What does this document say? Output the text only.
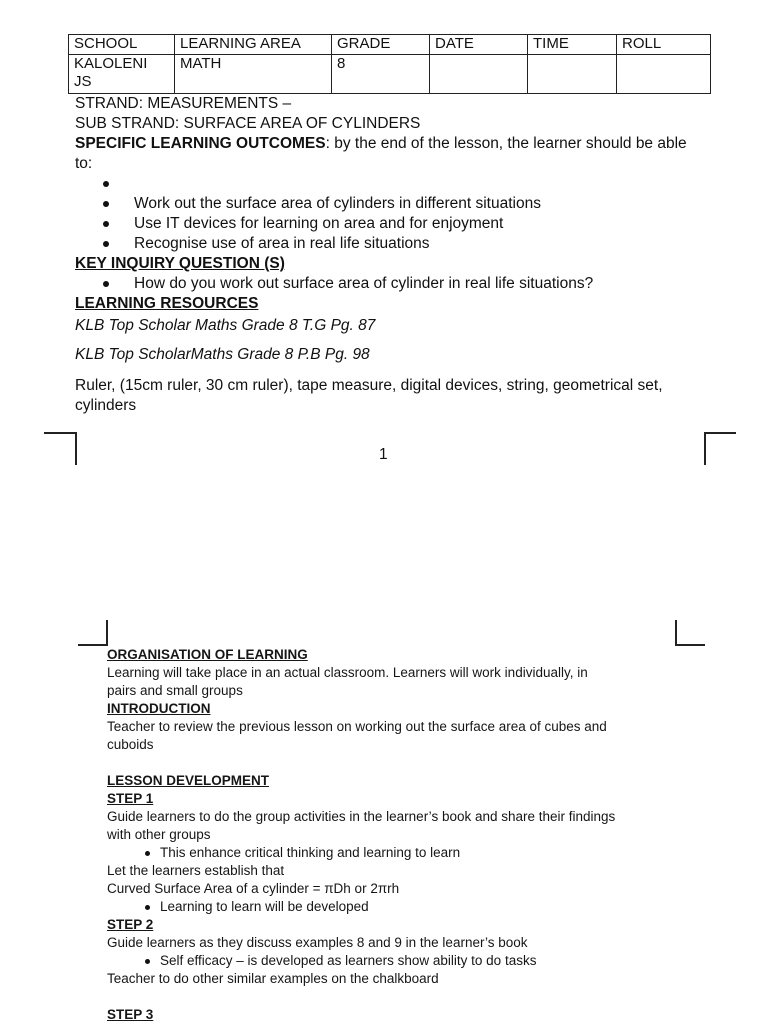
SCHOOL	LEARNING AREA	GRADE	DATE	TIME	ROLL
KALOLENI JS	MATH	8			
STRAND: MEASUREMENTS –
SUB STRAND: SURFACE AREA OF CYLINDERS
SPECIFIC LEARNING OUTCOMES: by the end of the lesson, the learner should be able
to:
Work out the surface area of cylinders in different situations
Use IT devices for learning on area and for enjoyment
Recognise use of area in real life situations
KEY INQUIRY QUESTION (S)
How do you work out surface area of cylinder in real life situations?
LEARNING RESOURCES
KLB Top Scholar Maths Grade 8 T.G Pg. 87
KLB Top ScholarMaths Grade 8 P.B Pg. 98
Ruler, (15cm ruler, 30 cm ruler), tape measure, digital devices, string, geometrical set,
cylinders
1
ORGANISATION OF LEARNING
Learning will take place in an actual classroom. Learners will work individually, in
pairs and small groups
INTRODUCTION
Teacher to review the previous lesson on working out the surface area of cubes and
cuboids
LESSON DEVELOPMENT
STEP 1
Guide learners to do the group activities in the learner’s book and share their findings
with other groups
This enhance critical thinking and learning to learn
Let the learners establish that
Curved Surface Area of a cylinder = πDh or 2πrh
Learning to learn will be developed
STEP 2
Guide learners as they discuss examples 8 and 9 in the learner’s book
Self efficacy – is developed as learners show ability to do tasks
Teacher to do other similar examples on the chalkboard
STEP 3
